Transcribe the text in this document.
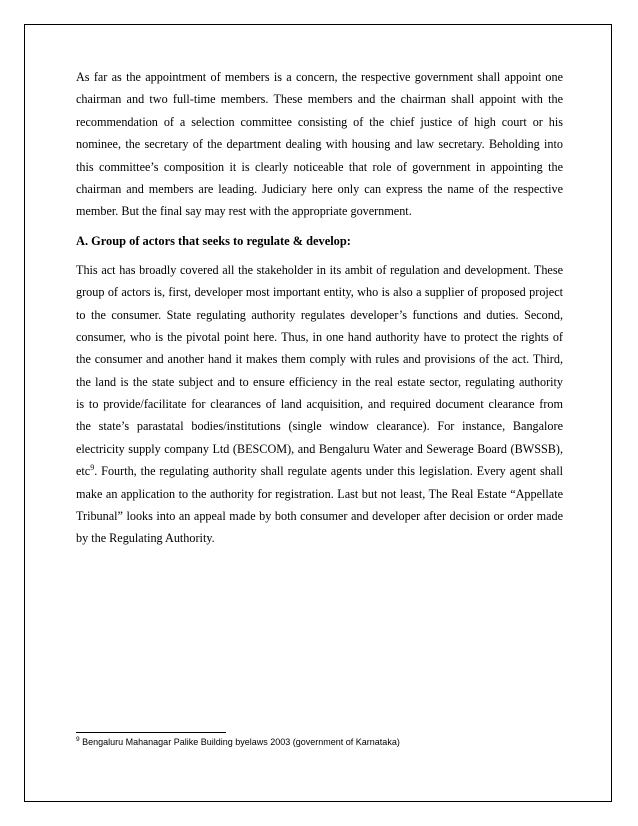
As far as the appointment of members is a concern, the respective government shall appoint one
chairman and two full-time members. These members and the chairman shall appoint with the
recommendation of a selection committee consisting of the chief justice of high court or his
nominee, the secretary of the department dealing with housing and law secretary. Beholding into
this committee’s composition it is clearly noticeable that role of government in appointing the
chairman and members are leading. Judiciary here only can express the name of the respective
member. But the final say may rest with the appropriate government.
A. Group of actors that seeks to regulate & develop:
This act has broadly covered all the stakeholder in its ambit of regulation and development. These
group of actors is, first, developer most important entity, who is also a supplier of proposed project
to the consumer. State regulating authority regulates developer’s functions and duties. Second,
consumer, who is the pivotal point here. Thus, in one hand authority have to protect the rights of
the consumer and another hand it makes them comply with rules and provisions of the act. Third,
the land is the state subject and to ensure efficiency in the real estate sector, regulating authority
is to provide/facilitate for clearances of land acquisition, and required document clearance from
the state’s parastatal bodies/institutions (single window clearance). For instance, Bangalore
electricity supply company Ltd (BESCOM), and Bengaluru Water and Sewerage Board (BWSSB),
etc$^9$. Fourth, the regulating authority shall regulate agents under this legislation. Every agent shall
make an application to the authority for registration. Last but not least, The Real Estate “Appellate
Tribunal” looks into an appeal made by both consumer and developer after decision or order made
by the Regulating Authority.
$^9$ Bengaluru Mahanagar Palike Building byelaws 2003 (government of Karnataka)
